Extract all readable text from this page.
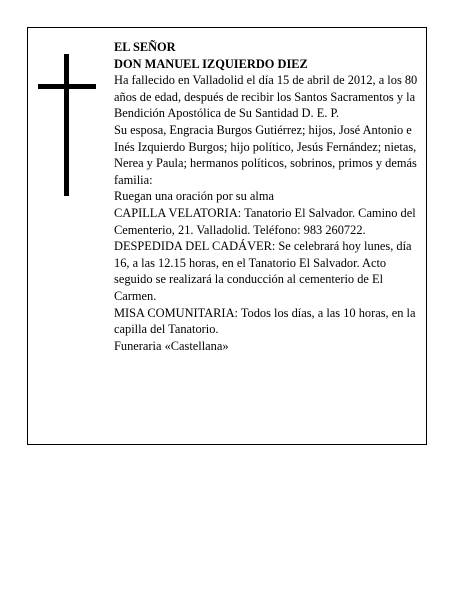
EL SEÑOR

DON MANUEL IZQUIERDO DIEZ

Ha fallecido en Valladolid el día 15 de abril de 2012, a los 80 años de edad, después de recibir los Santos Sacramentos y la Bendición Apostólica de Su Santidad D. E. P.

Su esposa, Engracia Burgos Gutiérrez; hijos, José Antonio e Inés Izquierdo Burgos; hijo político, Jesús Fernández; nietas, Nerea y Paula; hermanos políticos, sobrinos, primos y demás familia:

Ruegan una oración por su alma

CAPILLA VELATORIA: Tanatorio El Salvador. Camino del Cementerio, 21. Valladolid. Teléfono: 983 260722.

DESPEDIDA DEL CADÁVER: Se celebrará hoy lunes, día 16, a las 12.15 horas, en el Tanatorio El Salvador. Acto seguido se realizará la conducción al cementerio de El Carmen.

MISA COMUNITARIA: Todos los días, a las 10 horas, en la capilla del Tanatorio.

Funeraria «Castellana»
